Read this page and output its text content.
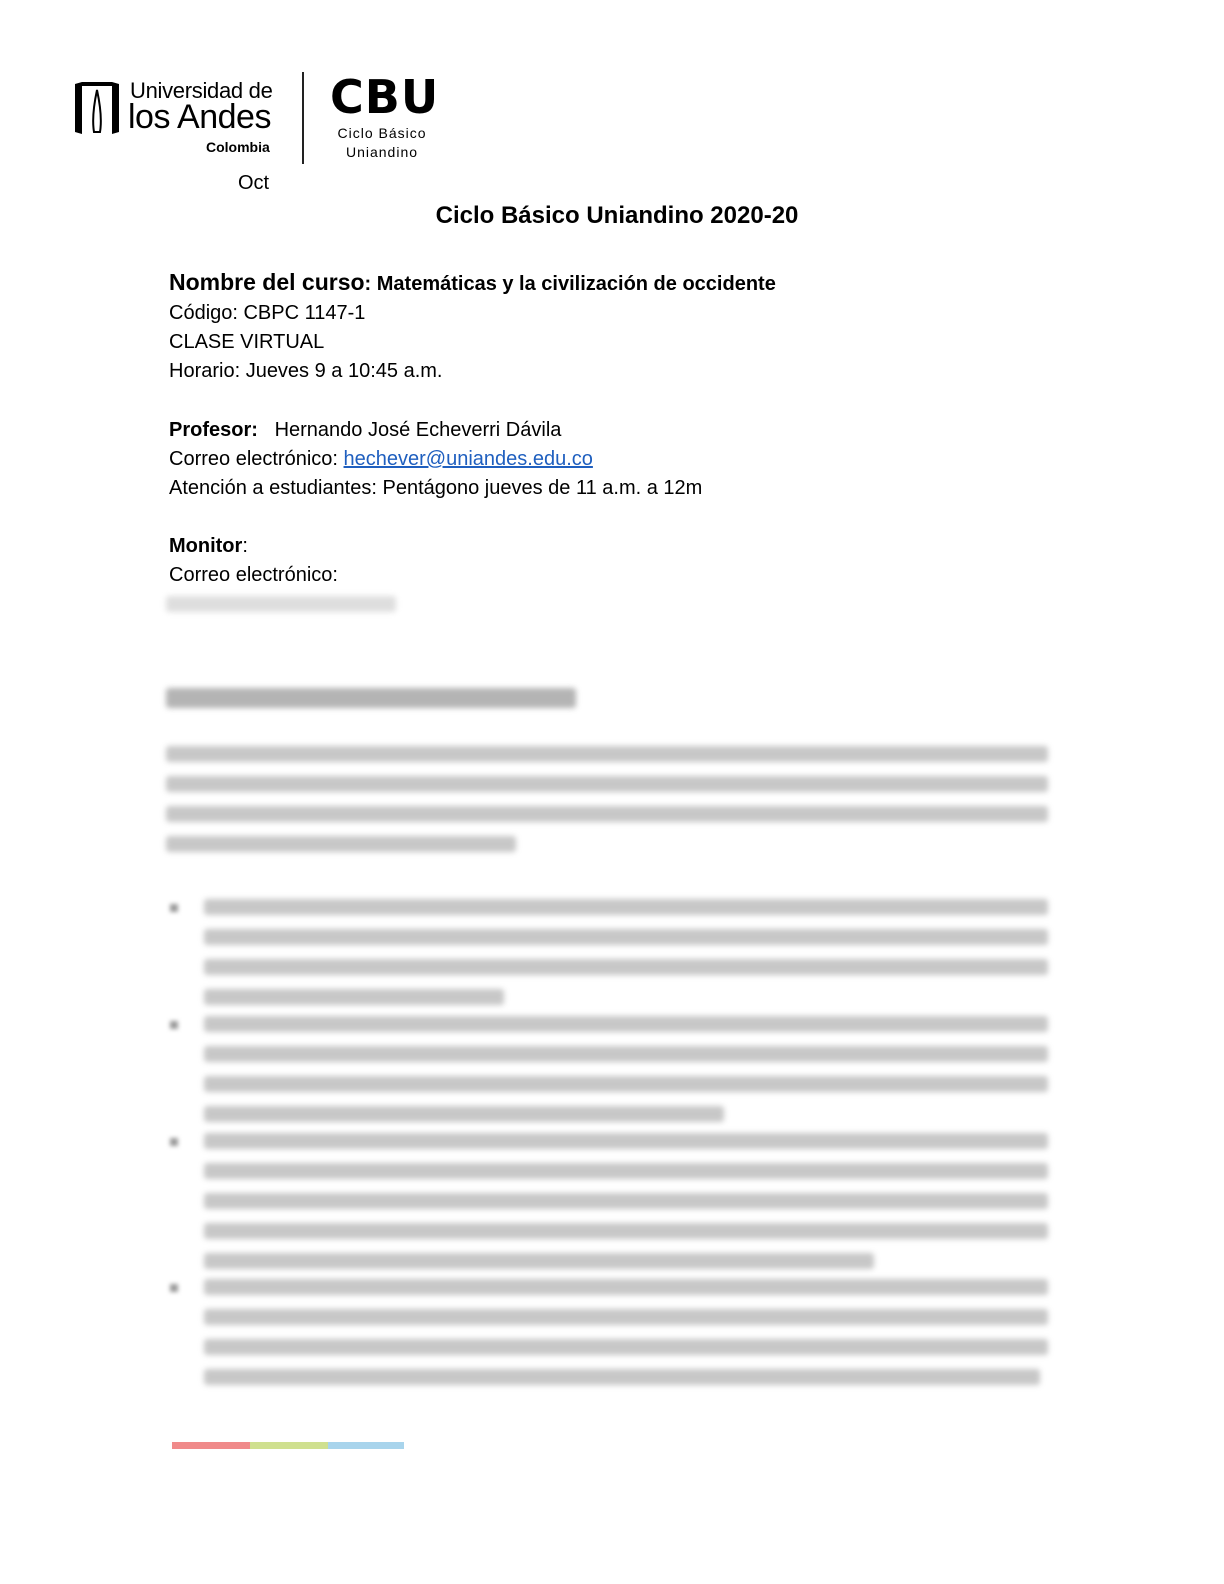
Universidad de
los Andes
Colombia
CBU
Ciclo Básico
Uniandino
Oct
Ciclo Básico Uniandino 2020-20
Nombre del curso: Matemáticas y la civilización de occidente
Código: CBPC 1147-1
CLASE VIRTUAL
Horario: Jueves 9 a 10:45 a.m.
Profesor: Hernando José Echeverri Dávila
Correo electrónico: hechever@uniandes.edu.co
Atención a estudiantes: Pentágono jueves de 11 a.m. a 12m
Monitor:
Correo electrónico:
